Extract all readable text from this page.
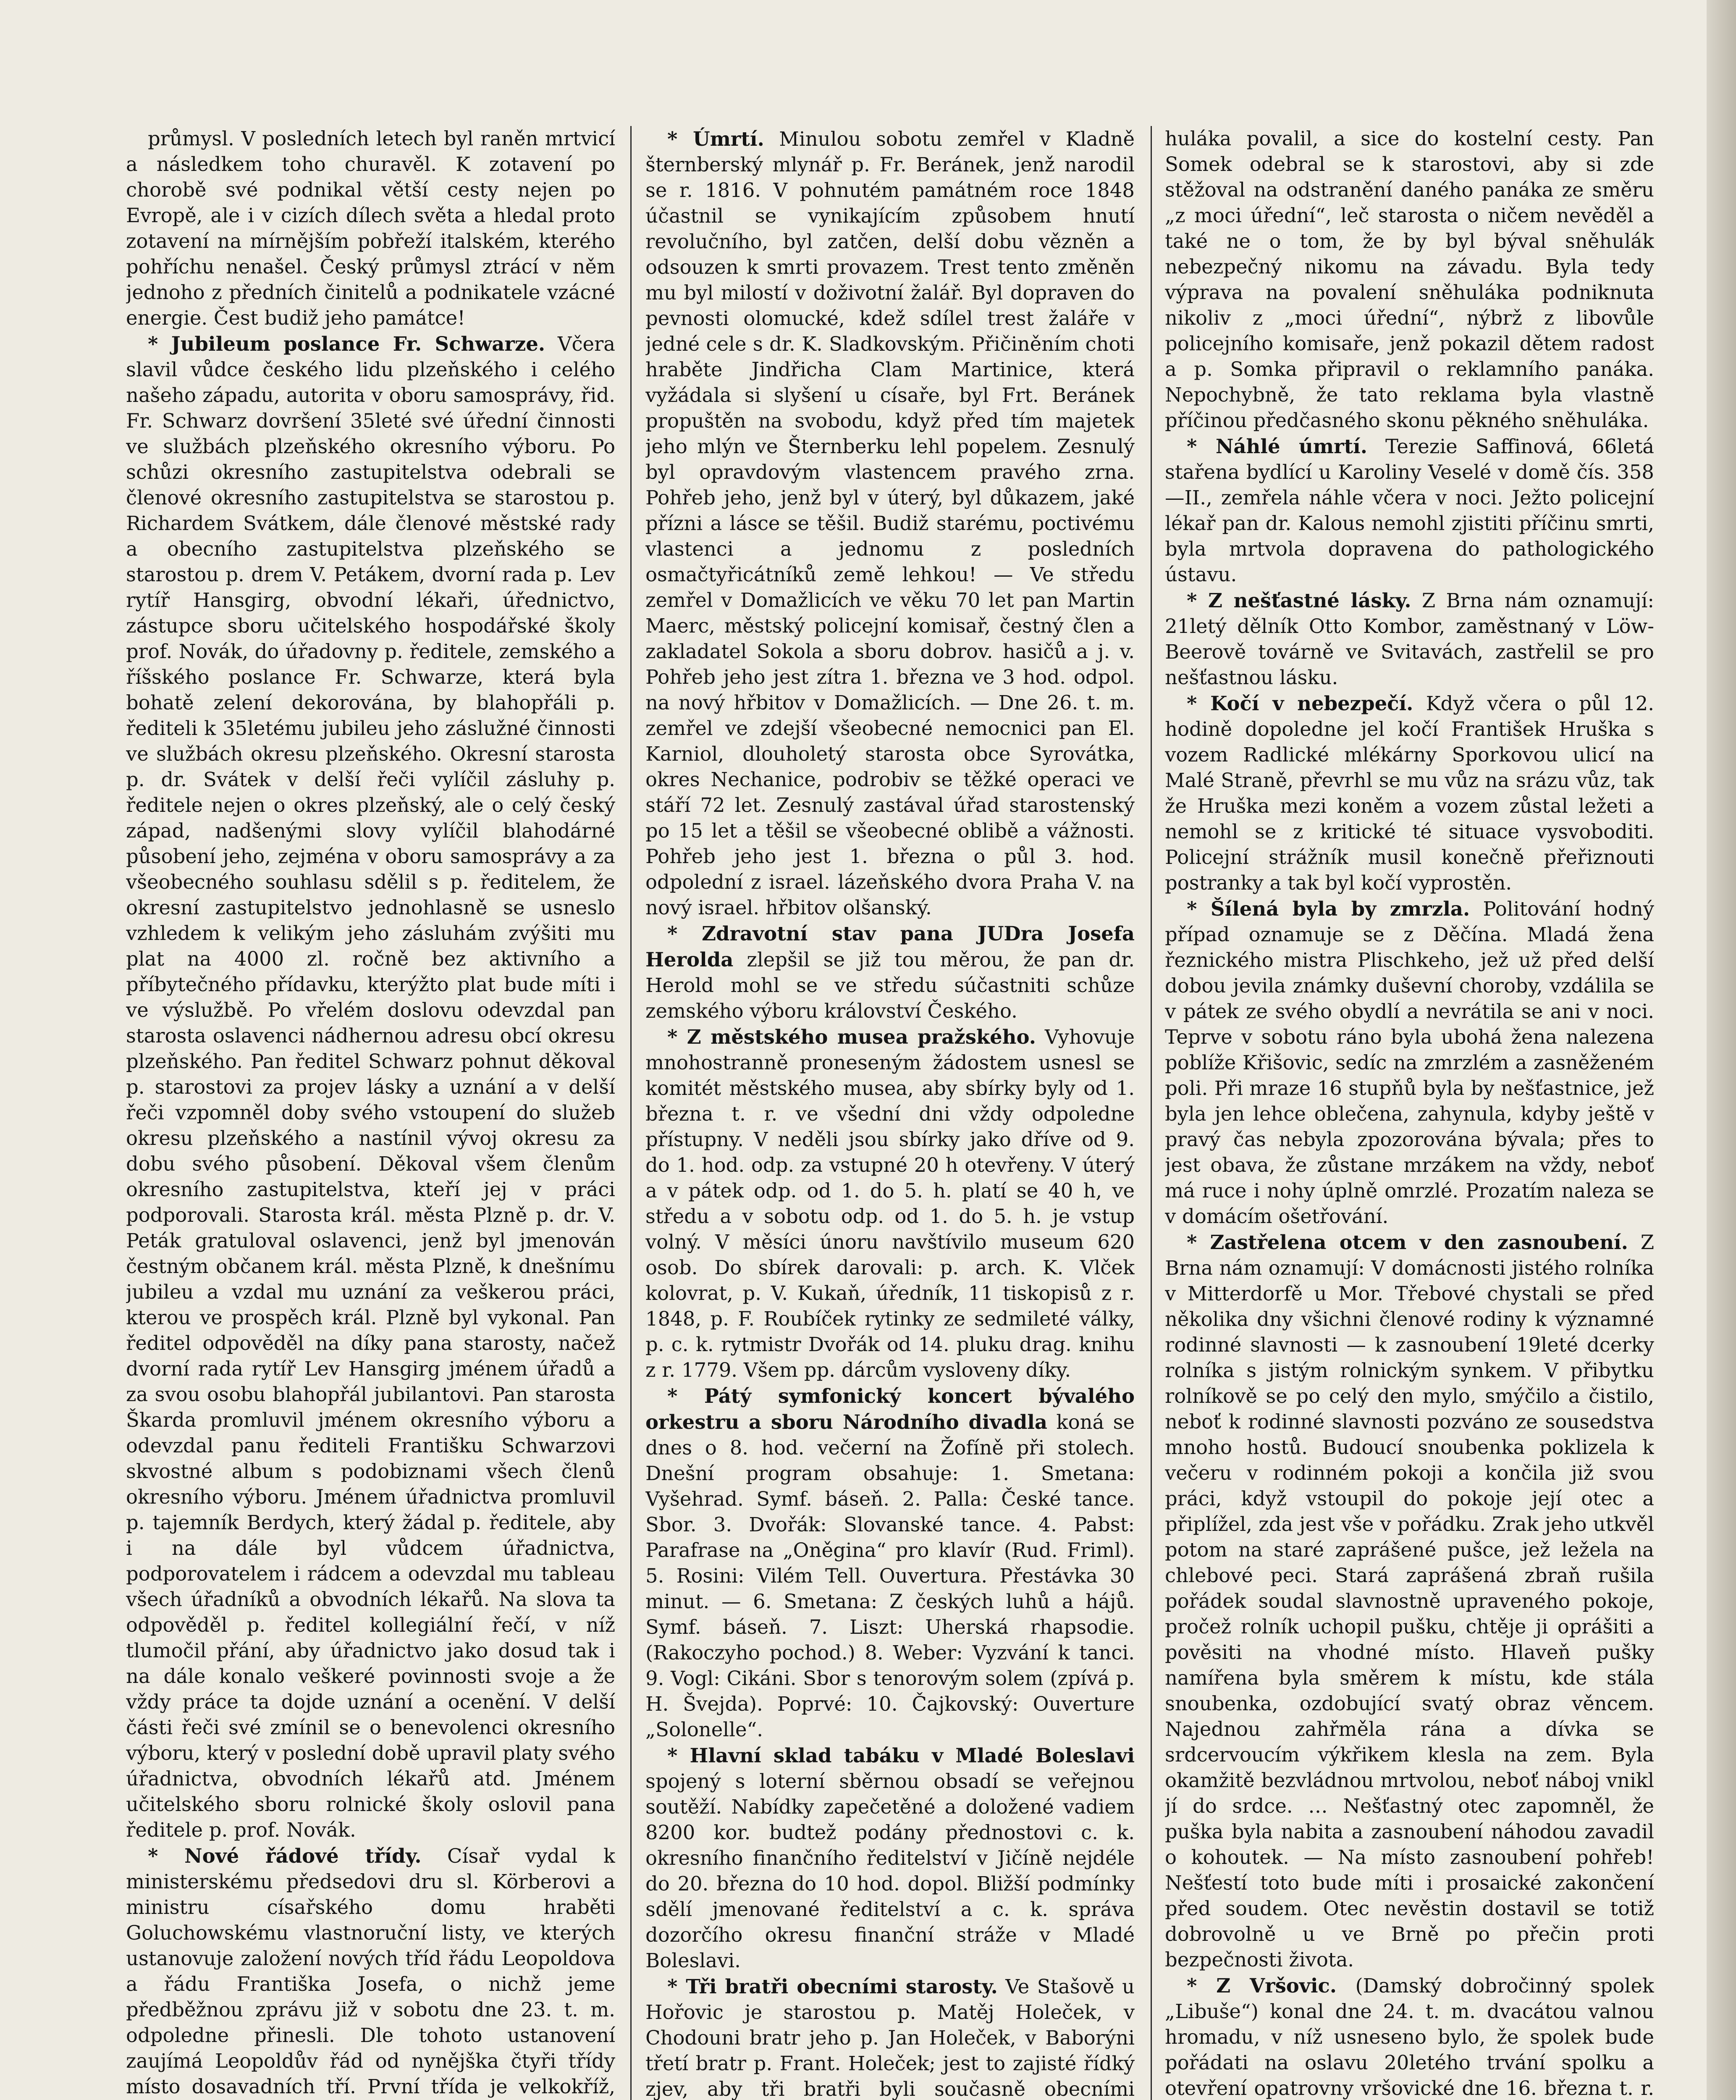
průmysl. V posledních letech byl raněn mrtvicí a následkem toho churavěl. K zotavení po chorobě své podnikal větší cesty nejen po Evropě, ale i v cizích dílech světa a hledal proto zotavení na mírnějším pobřeží italském, kterého pohříchu nenašel. Český průmysl ztrácí v něm jednoho z předních činitelů a podnikatele vzácné energie. Čest budiž jeho památce!

* Jubileum poslance Fr. Schwarze. Včera slavil vůdce českého lidu plzeňského i celého našeho západu, autorita v oboru samosprávy, řid. Fr. Schwarz dovršení 35leté své úřední činnosti ve službách plzeňského okresního výboru. Po schůzi okresního zastupitelstva odebrali se členové okresního zastupitelstva se starostou p. Richardem Svátkem, dále členové městské rady a obecního zastupitelstva plzeňského se starostou p. drem V. Petákem, dvorní rada p. Lev rytíř Hansgirg, obvodní lékaři, úřednictvo, zástupce sboru učitelského hospodářské školy prof. Novák, do úřadovny p. ředitele, zemského a říšského poslance Fr. Schwarze, která byla bohatě zelení dekorována, by blahopřáli p. řediteli k 35letému jubileu jeho záslužné činnosti ve službách okresu plzeňského. Okresní starosta p. dr. Svátek v delší řeči vylíčil zásluhy p. ředitele nejen o okres plzeňský, ale o celý český západ, nadšenými slovy vylíčil blahodárné působení jeho, zejména v oboru samosprávy a za všeobecného souhlasu sdělil s p. ředitelem, že okresní zastupitelstvo jednohlasně se usneslo vzhledem k velikým jeho zásluhám zvýšiti mu plat na 4000 zl. ročně bez aktivního a příbytečného přídavku, kterýžto plat bude míti i ve výslužbě. Po vřelém doslovu odevzdal pan starosta oslavenci nádhernou adresu obcí okresu plzeňského. Pan ředitel Schwarz pohnut děkoval p. starostovi za projev lásky a uznání a v delší řeči vzpomněl doby svého vstoupení do služeb okresu plzeňského a nastínil vývoj okresu za dobu svého působení. Děkoval všem členům okresního zastupitelstva, kteří jej v práci podporovali. Starosta král. města Plzně p. dr. V. Peták gratuloval oslavenci, jenž byl jmenován čestným občanem král. města Plzně, k dnešnímu jubileu a vzdal mu uznání za veškerou práci, kterou ve prospěch král. Plzně byl vykonal. Pan ředitel odpověděl na díky pana starosty, načež dvorní rada rytíř Lev Hansgirg jménem úřadů a za svou osobu blahopřál jubilantovi. Pan starosta Škarda promluvil jménem okresního výboru a odevzdal panu řediteli Františku Schwarzovi skvostné album s podobiznami všech členů okresního výboru. Jménem úřadnictva promluvil p. tajemník Berdych, který žádal p. ředitele, aby i na dále byl vůdcem úřadnictva, podporovatelem i rádcem a odevzdal mu tableau všech úřadníků a obvodních lékařů. Na slova ta odpověděl p. ředitel kollegiální řečí, v níž tlumočil přání, aby úřadnictvo jako dosud tak i na dále konalo veškeré povinnosti svoje a že vždy práce ta dojde uznání a ocenění. V delší části řeči své zmínil se o benevolenci okresního výboru, který v poslední době upravil platy svého úřadnictva, obvodních lékařů atd. Jménem učitelského sboru rolnické školy oslovil pana ředitele p. prof. Novák.

* Nové řádové třídy. Císař vydal k ministerskému předsedovi dru sl. Körberovi a ministru císařského domu hraběti Goluchowskému vlastnoruční listy, ve kterých ustanovuje založení nových tříd řádu Leopoldova a řádu Františka Josefa, o nichž jeme předběžnou zprávu již v sobotu dne 23. t. m. odpoledne přinesli. Dle tohoto ustanovení zaujímá Leopoldův řád od nynějška čtyři třídy místo dosavadních tří. První třída je velkokříž,

* Úmrtí. Minulou sobotu zemřel v Kladně šternberský mlynář p. Fr. Beránek, jenž narodil se r. 1816. V pohnutém památném roce 1848 účastnil se vynikajícím způsobem hnutí revolučního, byl zatčen, delší dobu vězněn a odsouzen k smrti provazem. Trest tento změněn mu byl milostí v doživotní žalář. Byl dopraven do pevnosti olomucké, kdež sdílel trest žaláře v jedné cele s dr. K. Sladkovským. Přičiněním choti hraběte Jindřicha Clam Martinice, která vyžádala si slyšení u císaře, byl Frt. Beránek propuštěn na svobodu, když před tím majetek jeho mlýn ve Šternberku lehl popelem. Zesnulý byl opravdovým vlastencem pravého zrna. Pohřeb jeho, jenž byl v úterý, byl důkazem, jaké přízni a lásce se těšil. Budiž starému, poctivému vlastenci a jednomu z posledních osmačtyřicátníků země lehkou! — Ve středu zemřel v Domažlicích ve věku 70 let pan Martin Maerc, městský policejní komisař, čestný člen a zakladatel Sokola a sboru dobrov. hasičů a j. v. Pohřeb jeho jest zítra 1. března ve 3 hod. odpol. na nový hřbitov v Domažlicích. — Dne 26. t. m. zemřel ve zdejší všeobecné nemocnici pan El. Karniol, dlouholetý starosta obce Syrovátka, okres Nechanice, podrobiv se těžké operaci ve stáří 72 let. Zesnulý zastával úřad starostenský po 15 let a těšil se všeobecné oblibě a vážnosti. Pohřeb jeho jest 1. března o půl 3. hod. odpolední z israel. lázeňského dvora Praha V. na nový israel. hřbitov olšanský.

* Zdravotní stav pana JUDra Josefa Herolda zlepšil se již tou měrou, že pan dr. Herold mohl se ve středu súčastniti schůze zemského výboru království Českého.

* Z městského musea pražského. Vyhovuje mnohostranně proneseným žádostem usnesl se komitét městského musea, aby sbírky byly od 1. března t. r. ve všední dni vždy odpoledne přístupny. V neděli jsou sbírky jako dříve od 9. do 1. hod. odp. za vstupné 20 h otevřeny. V úterý a v pátek odp. od 1. do 5. h. platí se 40 h, ve středu a v sobotu odp. od 1. do 5. h. je vstup volný. V měsíci únoru navštívilo museum 620 osob. Do sbírek darovali: p. arch. K. Vlček kolovrat, p. V. Kukaň, úředník, 11 tiskopisů z r. 1848, p. F. Roubíček rytinky ze sedmileté války, p. c. k. rytmistr Dvořák od 14. pluku drag. knihu z r. 1779. Všem pp. dárcům vysloveny díky.

* Pátý symfonický koncert bývalého orkestru a sboru Národního divadla koná se dnes o 8. hod. večerní na Žofíně při stolech. Dnešní program obsahuje: 1. Smetana: Vyšehrad. Symf. báseň. 2. Palla: České tance. Sbor. 3. Dvořák: Slovanské tance. 4. Pabst: Parafrase na „Oněgina“ pro klavír (Rud. Friml). 5. Rosini: Vilém Tell. Ouvertura. Přestávka 30 minut. — 6. Smetana: Z českých luhů a hájů. Symf. báseň. 7. Liszt: Uherská rhapsodie. (Rakoczyho pochod.) 8. Weber: Vyzvání k tanci. 9. Vogl: Cikáni. Sbor s tenorovým solem (zpívá p. H. Švejda). Poprvé: 10. Čajkovský: Ouverture „Solonelle“.

* Hlavní sklad tabáku v Mladé Boleslavi spojený s loterní sběrnou obsadí se veřejnou soutěží. Nabídky zapečetěné a doložené vadiem 8200 kor. budtež podány přednostovi c. k. okresního finančního ředitelství v Jičíně nejdéle do 20. března do 10 hod. dopol. Bližší podmínky sdělí jmenované ředitelství a c. k. správa dozorčího okresu finanční stráže v Mladé Boleslavi.

* Tři bratři obecními starosty. Ve Stašově u Hořovic je starostou p. Matěj Holeček, v Chodouni bratr jeho p. Jan Holeček, v Baborýni třetí bratr p. Frant. Holeček; jest to zajisté řídký zjev, aby tři bratři byli současně obecními

huláka povalil, a sice do kostelní cesty. Pan Somek odebral se k starostovi, aby si zde stěžoval na odstranění daného panáka ze směru „z moci úřední“, leč starosta o ničem nevěděl a také ne o tom, že by byl býval sněhulák nebezpečný nikomu na závadu. Byla tedy výprava na povalení sněhuláka podniknuta nikoliv z „moci úřední“, nýbrž z libovůle policejního komisaře, jenž pokazil dětem radost a p. Somka připravil o reklamního panáka. Nepochybně, že tato reklama byla vlastně příčinou předčasného skonu pěkného sněhuláka.

* Náhlé úmrtí. Terezie Saffinová, 66letá stařena bydlící u Karoliny Veselé v domě čís. 358—II., zemřela náhle včera v noci. Ježto policejní lékař pan dr. Kalous nemohl zjistiti příčinu smrti, byla mrtvola dopravena do pathologického ústavu.

* Z nešťastné lásky. Z Brna nám oznamují: 21letý dělník Otto Kombor, zaměstnaný v Löw-Beerově továrně ve Svitavách, zastřelil se pro nešťastnou lásku.

* Kočí v nebezpečí. Když včera o půl 12. hodině dopoledne jel kočí František Hruška s vozem Radlické mlékárny Sporkovou ulicí na Malé Straně, převrhl se mu vůz na srázu vůz, tak že Hruška mezi koněm a vozem zůstal ležeti a nemohl se z kritické té situace vysvoboditi. Policejní strážník musil konečně přeřiznouti postranky a tak byl kočí vyprostěn.

* Šílená byla by zmrzla. Politování hodný případ oznamuje se z Děčína. Mladá žena řeznického mistra Plischkeho, jež už před delší dobou jevila známky duševní choroby, vzdálila se v pátek ze svého obydlí a nevrátila se ani v noci. Teprve v sobotu ráno byla ubohá žena nalezena poblíže Křišovic, sedíc na zmrzlém a zasněženém poli. Při mraze 16 stupňů byla by nešťastnice, jež byla jen lehce oblečena, zahynula, kdyby ještě v pravý čas nebyla zpozorována bývala; přes to jest obava, že zůstane mrzákem na vždy, neboť má ruce i nohy úplně omrzlé. Prozatím naleza se v domácím ošetřování.

* Zastřelena otcem v den zasnoubení. Z Brna nám oznamují: V domácnosti jistého rolníka v Mitterdorfě u Mor. Třebové chystali se před několika dny všichni členové rodiny k významné rodinné slavnosti — k zasnoubení 19leté dcerky rolníka s jistým rolnickým synkem. V přibytku rolníkově se po celý den mylo, smýčilo a čistilo, neboť k rodinné slavnosti pozváno ze sousedstva mnoho hostů. Budoucí snoubenka poklizela k večeru v rodinném pokoji a končila již svou práci, když vstoupil do pokoje její otec a připlížel, zda jest vše v pořádku. Zrak jeho utkvěl potom na staré zaprášené pušce, jež ležela na chlebové peci. Stará zaprášená zbraň rušila pořádek soudal slavnostně upraveného pokoje, pročež rolník uchopil pušku, chtěje ji oprášiti a pověsiti na vhodné místo. Hlaveň pušky namířena byla směrem k místu, kde stála snoubenka, ozdobující svatý obraz věncem. Najednou zahřměla rána a dívka se srdcervoucím výkřikem klesla na zem. Byla okamžitě bezvládnou mrtvolou, neboť náboj vnikl jí do srdce. … Nešťastný otec zapomněl, že puška byla nabita a zasnoubení náhodou zavadil o kohoutek. — Na místo zasnoubení pohřeb! Nešťestí toto bude míti i prosaické zakončení před soudem. Otec nevěstin dostavil se totiž dobrovolně u ve Brně po přečin proti bezpečnosti života.

* Z Vršovic. (Damský dobročinný spolek „Libuše“) konal dne 24. t. m. dvacátou valnou hromadu, v níž usneseno bylo, že spolek bude pořádati na oslavu 20letého trvání spolku a otevření opatrovny vršovické dne 16. března t. r.
